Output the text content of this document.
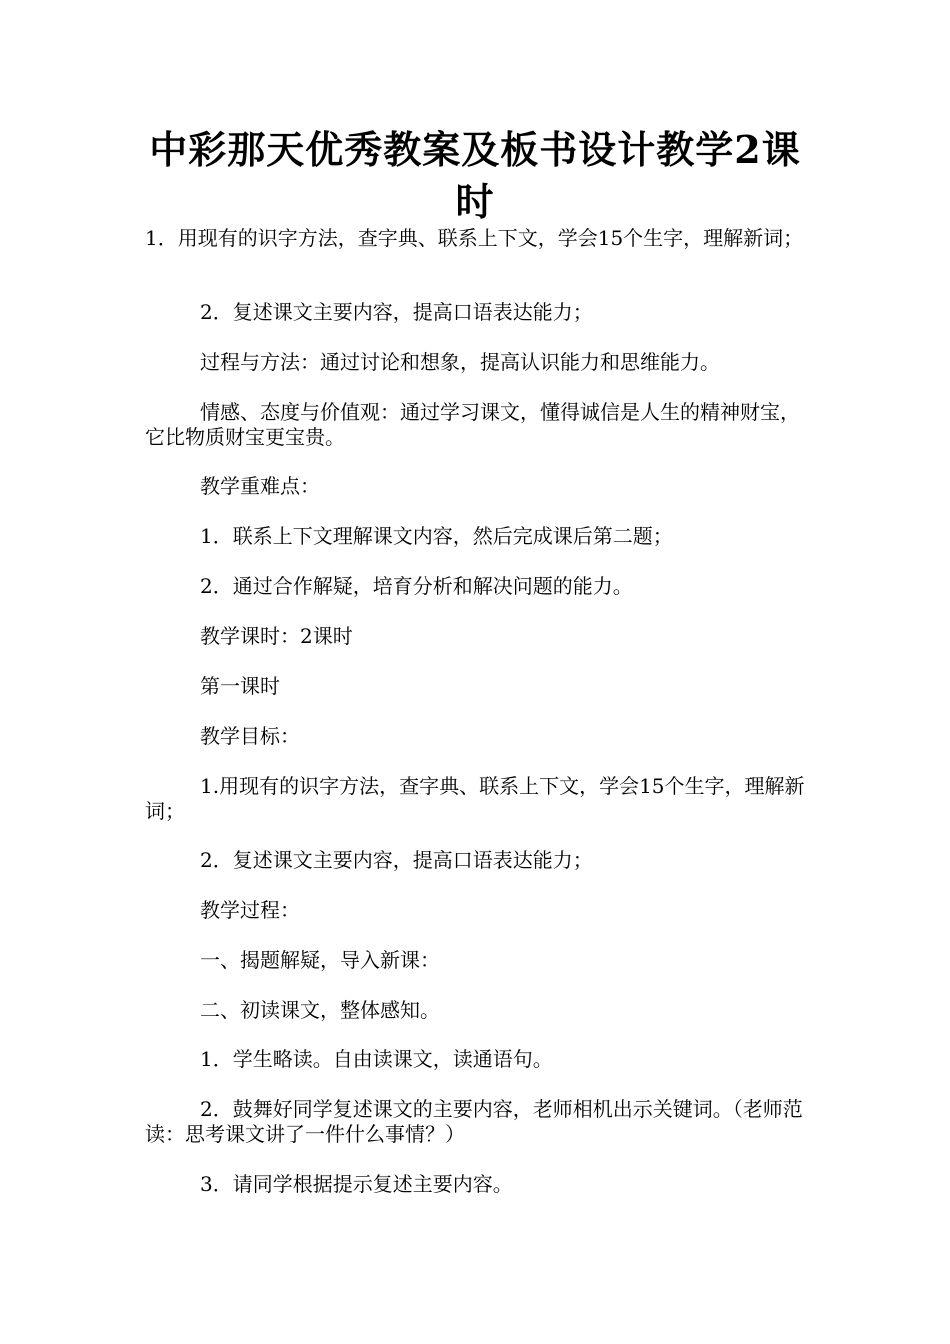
中彩那天优秀教案及板书设计教学2课时

1．用现有的识字方法，查字典、联系上下文，学会15个生字，理解新词；

2．复述课文主要内容，提高口语表达能力；

过程与方法：通过讨论和想象，提高认识能力和思维能力。

情感、态度与价值观：通过学习课文，懂得诚信是人生的精神财宝，它比物质财宝更宝贵。

教学重难点：

1．联系上下文理解课文内容，然后完成课后第二题；

2．通过合作解疑，培育分析和解决问题的能力。

教学课时：2课时

第一课时

教学目标：

1.用现有的识字方法，查字典、联系上下文，学会15个生字，理解新词；

2．复述课文主要内容，提高口语表达能力；

教学过程：

一、揭题解疑，导入新课：

二、初读课文，整体感知。

1．学生略读。自由读课文，读通语句。

2．鼓舞好同学复述课文的主要内容，老师相机出示关键词。（老师范读：思考课文讲了一件什么事情？）

3．请同学根据提示复述主要内容。
